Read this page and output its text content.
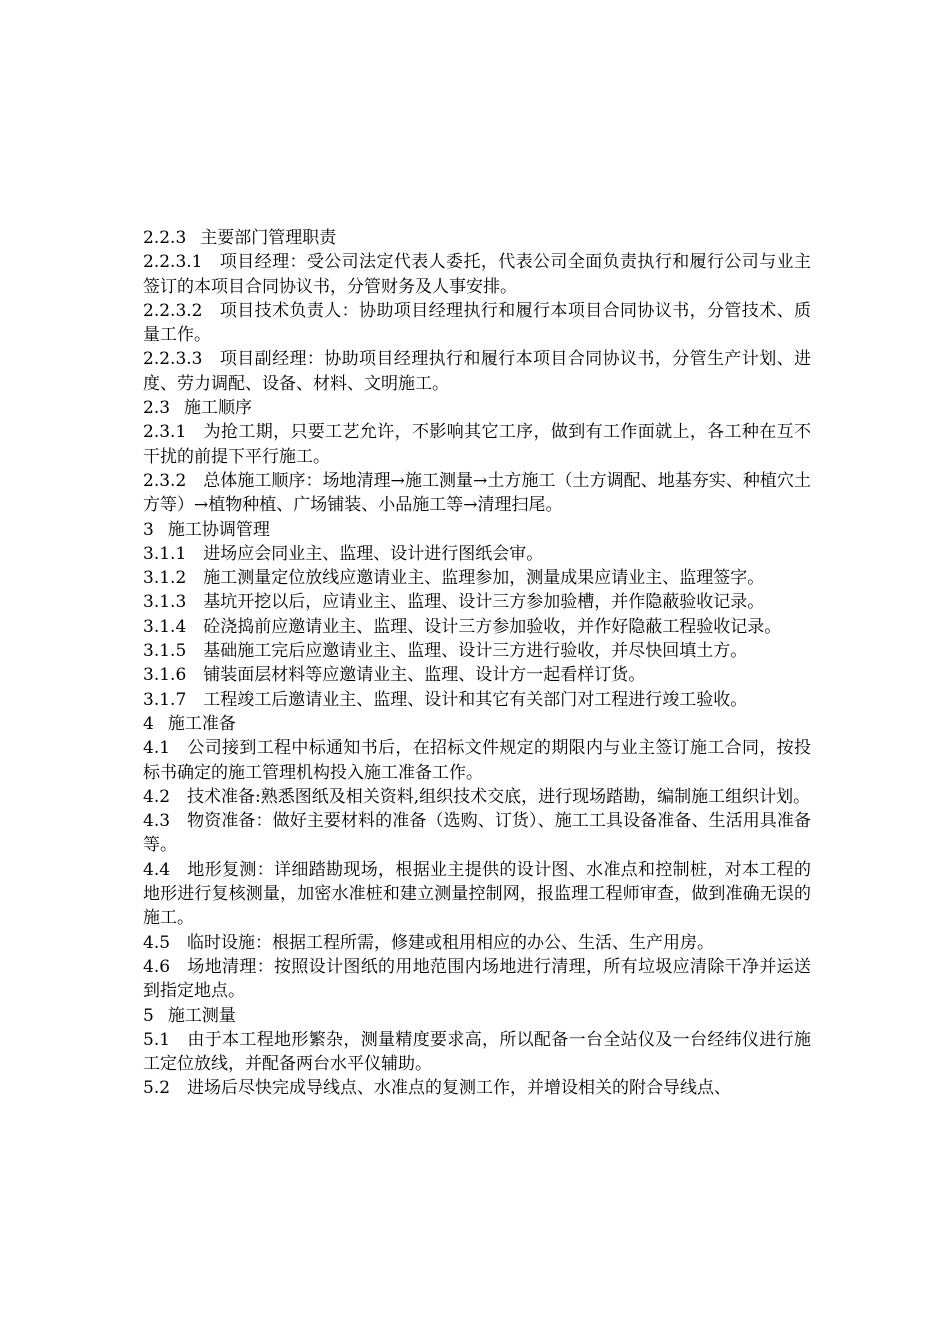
2.2.3 主要部门管理职责

2.2.3.1 项目经理：受公司法定代表人委托，代表公司全面负责执行和履行公司与业主签订的本项目合同协议书，分管财务及人事安排。

2.2.3.2 项目技术负责人：协助项目经理执行和履行本项目合同协议书，分管技术、质量工作。

2.2.3.3 项目副经理：协助项目经理执行和履行本项目合同协议书，分管生产计划、进度、劳力调配、设备、材料、文明施工。

2.3 施工顺序

2.3.1 为抢工期，只要工艺允许，不影响其它工序，做到有工作面就上，各工种在互不干扰的前提下平行施工。

2.3.2 总体施工顺序：场地清理→施工测量→土方施工（土方调配、地基夯实、种植穴土方等）→植物种植、广场铺装、小品施工等→清理扫尾。

3 施工协调管理

3.1.1 进场应会同业主、监理、设计进行图纸会审。

3.1.2 施工测量定位放线应邀请业主、监理参加，测量成果应请业主、监理签字。

3.1.3 基坑开挖以后，应请业主、监理、设计三方参加验槽，并作隐蔽验收记录。

3.1.4 砼浇捣前应邀请业主、监理、设计三方参加验收，并作好隐蔽工程验收记录。

3.1.5 基础施工完后应邀请业主、监理、设计三方进行验收，并尽快回填土方。

3.1.6 铺装面层材料等应邀请业主、监理、设计方一起看样订货。

3.1.7 工程竣工后邀请业主、监理、设计和其它有关部门对工程进行竣工验收。

4 施工准备

4.1 公司接到工程中标通知书后，在招标文件规定的期限内与业主签订施工合同，按投标书确定的施工管理机构投入施工准备工作。

4.2 技术准备:熟悉图纸及相关资料,组织技术交底，进行现场踏勘，编制施工组织计划。

4.3 物资准备：做好主要材料的准备（选购、订货）、施工工具设备准备、生活用具准备等。

4.4 地形复测：详细踏勘现场，根据业主提供的设计图、水准点和控制桩，对本工程的地形进行复核测量，加密水准桩和建立测量控制网，报监理工程师审查，做到准确无误的施工。

4.5 临时设施：根据工程所需，修建或租用相应的办公、生活、生产用房。

4.6 场地清理：按照设计图纸的用地范围内场地进行清理，所有垃圾应清除干净并运送到指定地点。

5 施工测量

5.1 由于本工程地形繁杂，测量精度要求高，所以配备一台全站仪及一台经纬仪进行施工定位放线，并配备两台水平仪辅助。

5.2 进场后尽快完成导线点、水准点的复测工作，并增设相关的附合导线点、
